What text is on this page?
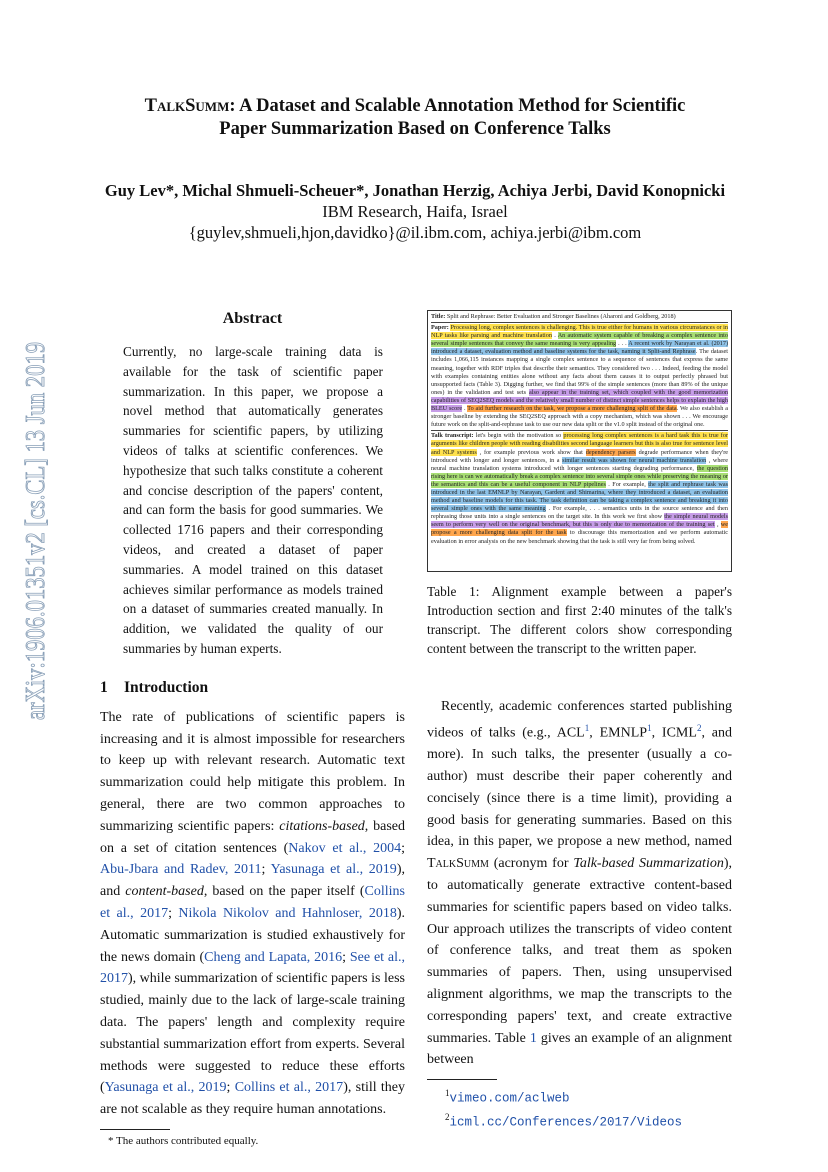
arXiv:1906.01351v2 [cs.CL] 13 Jun 2019
TalkSumm: A Dataset and Scalable Annotation Method for Scientific
Paper Summarization Based on Conference Talks
Guy Lev*, Michal Shmueli-Scheuer*, Jonathan Herzig, Achiya Jerbi, David Konopnicki
IBM Research, Haifa, Israel
{guylev,shmueli,hjon,davidko}@il.ibm.com, achiya.jerbi@ibm.com
Abstract

Currently, no large-scale training data is available for the task of scientific paper summarization. In this paper, we propose a novel method that automatically generates summaries for scientific papers, by utilizing videos of talks at scientific conferences. We hypothesize that such talks constitute a coherent and concise description of the papers' content, and can form the basis for good summaries. We collected 1716 papers and their corresponding videos, and created a dataset of paper summaries. A model trained on this dataset achieves similar performance as models trained on a dataset of summaries created manually. In addition, we validated the quality of our summaries by human experts.

1 Introduction

The rate of publications of scientific papers is increasing and it is almost impossible for researchers to keep up with relevant research. Automatic text summarization could help mitigate this problem. In general, there are two common approaches to summarizing scientific papers: citations-based, based on a set of citation sentences (Nakov et al., 2004; Abu-Jbara and Radev, 2011; Yasunaga et al., 2019), and content-based, based on the paper itself (Collins et al., 2017; Nikola Nikolov and Hahnloser, 2018). Automatic summarization is studied exhaustively for the news domain (Cheng and Lapata, 2016; See et al., 2017), while summarization of scientific papers is less studied, mainly due to the lack of large-scale training data. The papers' length and complexity require substantial summarization effort from experts. Several methods were suggested to reduce these efforts (Yasunaga et al., 2019; Collins et al., 2017), still they are not scalable as they require human annotations.

* The authors contributed equally.
Title: Split and Rephrase: Better Evaluation and Stronger Baselines (Aharoni and Goldberg, 2018)
Paper: Processing long, complex sentences is challenging. This is true either for humans in various circumstances or in NLP tasks like parsing and machine translation . An automatic system capable of breaking a complex sentence into several simple sentences that convey the same meaning is very appealing . . . A recent work by Narayan et al. (2017) introduced a dataset, evaluation method and baseline systems for the task, naming it Split-and Rephrase. The dataset includes 1,066,115 instances mapping a single complex sentence to a sequence of sentences that express the same meaning, together with RDF triples that describe their semantics. They considered two . . . Indeed, feeding the model with examples containing entities alone without any facts about them causes it to output perfectly phrased but unsupported facts (Table 3). Digging further, we find that 99% of the simple sentences (more than 89% of the unique ones) in the validation and test sets also appear in the training set, which coupled with the good memorization capabilities of SEQ2SEQ models and the relatively small number of distinct simple sentences helps to explain the high BLEU score . To aid further research on the task, we propose a more challenging split of the data. We also establish a stronger baseline by extending the SEQ2SEQ approach with a copy mechanism, which was shown . . . We encourage future work on the split-and-rephrase task to use our new data split or the v1.0 split instead of the original one.
Talk transcript: let's begin with the motivation so processing long complex sentences is a hard task this is true for arguments like children people with reading disabilities second language learners but this is also true for sentence level and NLP systems , for example previous work show that dependency parsers degrade performance when they're introduced with longer and longer sentences, in a similar result was shown for neural machine translation , where neural machine translation systems introduced with longer sentences starting degrading performance, the question rising here is can we automatically break a complex sentence into several simple ones while preserving the meaning or the semantics and this can be a useful component in NLP pipelines . For example, the split and rephrase task was introduced in the last EMNLP by Narayan, Gardent and Shimarina, where they introduced a dataset, an evaluation method and baseline models for this task. The task definition can be taking a complex sentence and breaking it into several simple ones with the same meaning . For example, . . . semantics units in the source sentence and then rephrasing those units into a single sentences on the target site. In this work we first show the simple neural models seem to perform very well on the original benchmark, but this is only due to memorization of the training set , we propose a more challenging data split for the task to discourage this memorization and we perform automatic evaluation in error analysis on the new benchmark showing that the task is still very far from being solved.

Table 1: Alignment example between a paper's Introduction section and first 2:40 minutes of the talk's transcript. The different colors show corresponding content between the transcript to the written paper.

Recently, academic conferences started publishing videos of talks (e.g., ACL$^1$, EMNLP$^1$, ICML$^2$, and more). In such talks, the presenter (usually a co-author) must describe their paper coherently and concisely (since there is a time limit), providing a good basis for generating summaries. Based on this idea, in this paper, we propose a new method, named TalkSumm (acronym for Talk-based Summarization), to automatically generate extractive content-based summaries for scientific papers based on video talks. Our approach utilizes the transcripts of video content of conference talks, and treat them as spoken summaries of papers. Then, using unsupervised alignment algorithms, we map the transcripts to the corresponding papers' text, and create extractive summaries. Table 1 gives an example of an alignment between

$^1$vimeo.com/aclweb
$^2$icml.cc/Conferences/2017/Videos
